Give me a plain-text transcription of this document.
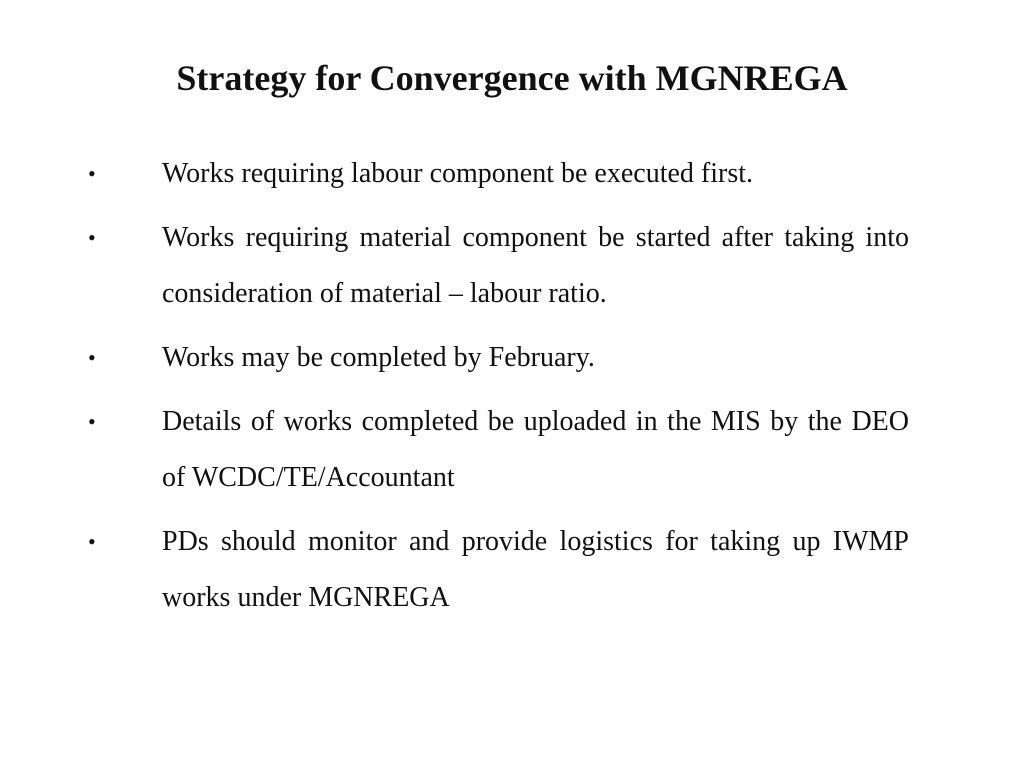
Strategy for Convergence with MGNREGA
• Works requiring labour component be executed first.
• Works requiring material component be started after taking into consideration of material – labour ratio.
• Works may be completed by February.
• Details of works completed be uploaded in the MIS by the DEO of WCDC/TE/Accountant
• PDs should monitor and provide logistics for taking up IWMP works under MGNREGA
